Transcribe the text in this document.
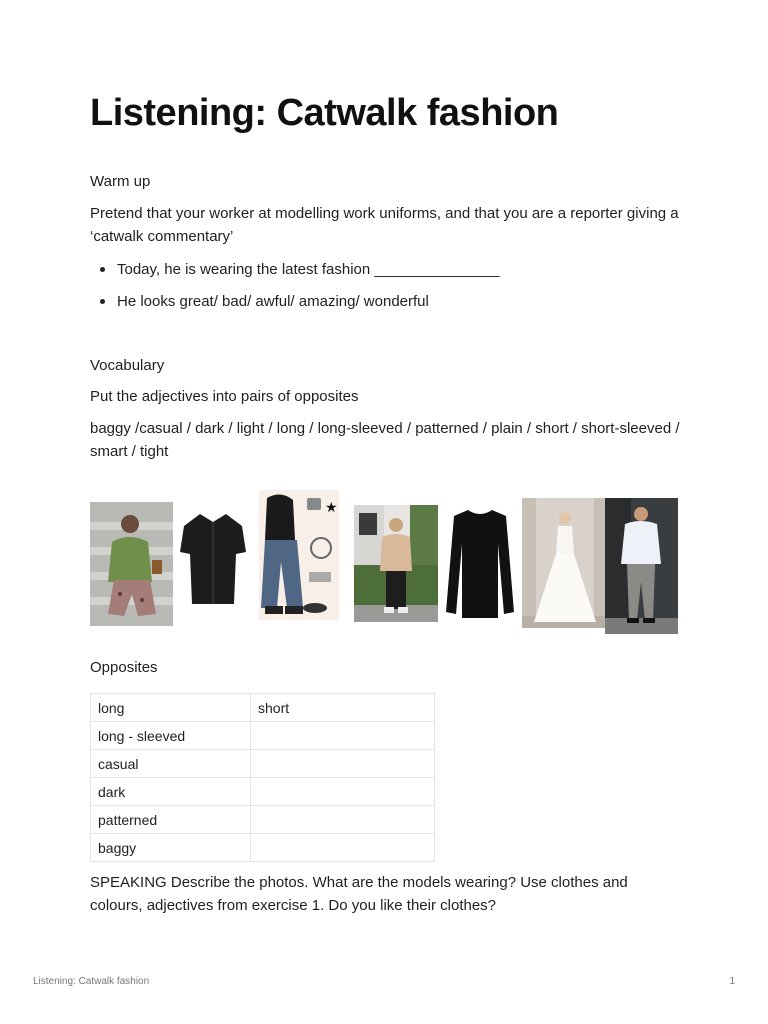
Listening: Catwalk fashion

Warm up

Pretend that your worker at modelling work uniforms, and that you are a reporter giving a ‘catwalk commentary’

Today, he is wearing the latest fashion _______________
He looks great/ bad/ awful/ amazing/ wonderful

Vocabulary

Put the adjectives into pairs of opposites

baggy /casual / dark / light / long / long-sleeved / patterned / plain / short / short-sleeved / smart / tight

★

Opposites

long	short
long - sleeved	
casual	
dark	
patterned	
baggy	

SPEAKING Describe the photos. What are the models wearing? Use clothes and colours, adjectives from exercise 1. Do you like their clothes?

Listening: Catwalk fashion	1
